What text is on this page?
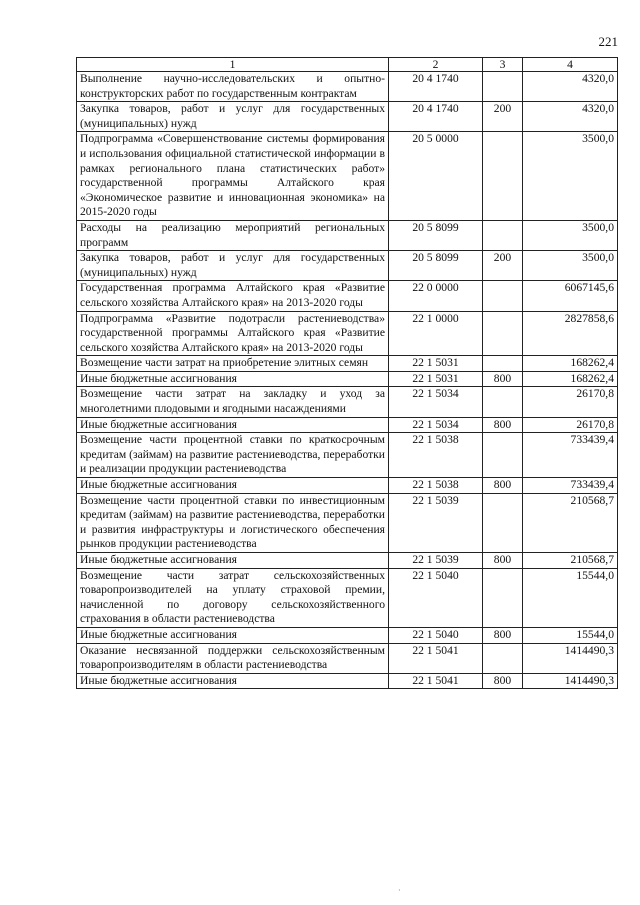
221
1	2	3	4
Выполнение научно-исследовательских и опытно-конструкторских работ по государственным контрактам	20 4 1740		4320,0
Закупка товаров, работ и услуг для государственных (муниципальных) нужд	20 4 1740	200	4320,0
Подпрограмма «Совершенствование системы формирования и использования официальной статистической информации в рамках регионального плана статистических работ» государственной программы Алтайского края «Экономическое развитие и инновационная экономика» на 2015-2020 годы	20 5 0000		3500,0
Расходы на реализацию мероприятий региональных программ	20 5 8099		3500,0
Закупка товаров, работ и услуг для государственных (муниципальных) нужд	20 5 8099	200	3500,0
Государственная программа Алтайского края «Развитие сельского хозяйства Алтайского края» на 2013-2020 годы	22 0 0000		6067145,6
Подпрограмма «Развитие подотрасли растениеводства» государственной программы Алтайского края «Развитие сельского хозяйства Алтайского края» на 2013-2020 годы	22 1 0000		2827858,6
Возмещение части затрат на приобретение элитных семян	22 1 5031		168262,4
Иные бюджетные ассигнования	22 1 5031	800	168262,4
Возмещение части затрат на закладку и уход за многолетними плодовыми и ягодными насаждениями	22 1 5034		26170,8
Иные бюджетные ассигнования	22 1 5034	800	26170,8
Возмещение части процентной ставки по краткосрочным кредитам (займам) на развитие растениеводства, переработки и реализации продукции растениеводства	22 1 5038		733439,4
Иные бюджетные ассигнования	22 1 5038	800	733439,4
Возмещение части процентной ставки по инвестиционным кредитам (займам) на развитие растениеводства, переработки и развития инфраструктуры и логистического обеспечения рынков продукции растениеводства	22 1 5039		210568,7
Иные бюджетные ассигнования	22 1 5039	800	210568,7
Возмещение части затрат сельскохозяйственных товаропроизводителей на уплату страховой премии, начисленной по договору сельскохозяйственного страхования в области растениеводства	22 1 5040		15544,0
Иные бюджетные ассигнования	22 1 5040	800	15544,0
Оказание несвязанной поддержки сельскохозяйственным товаропроизводителям в области растениеводства	22 1 5041		1414490,3
Иные бюджетные ассигнования	22 1 5041	800	1414490,3
·
